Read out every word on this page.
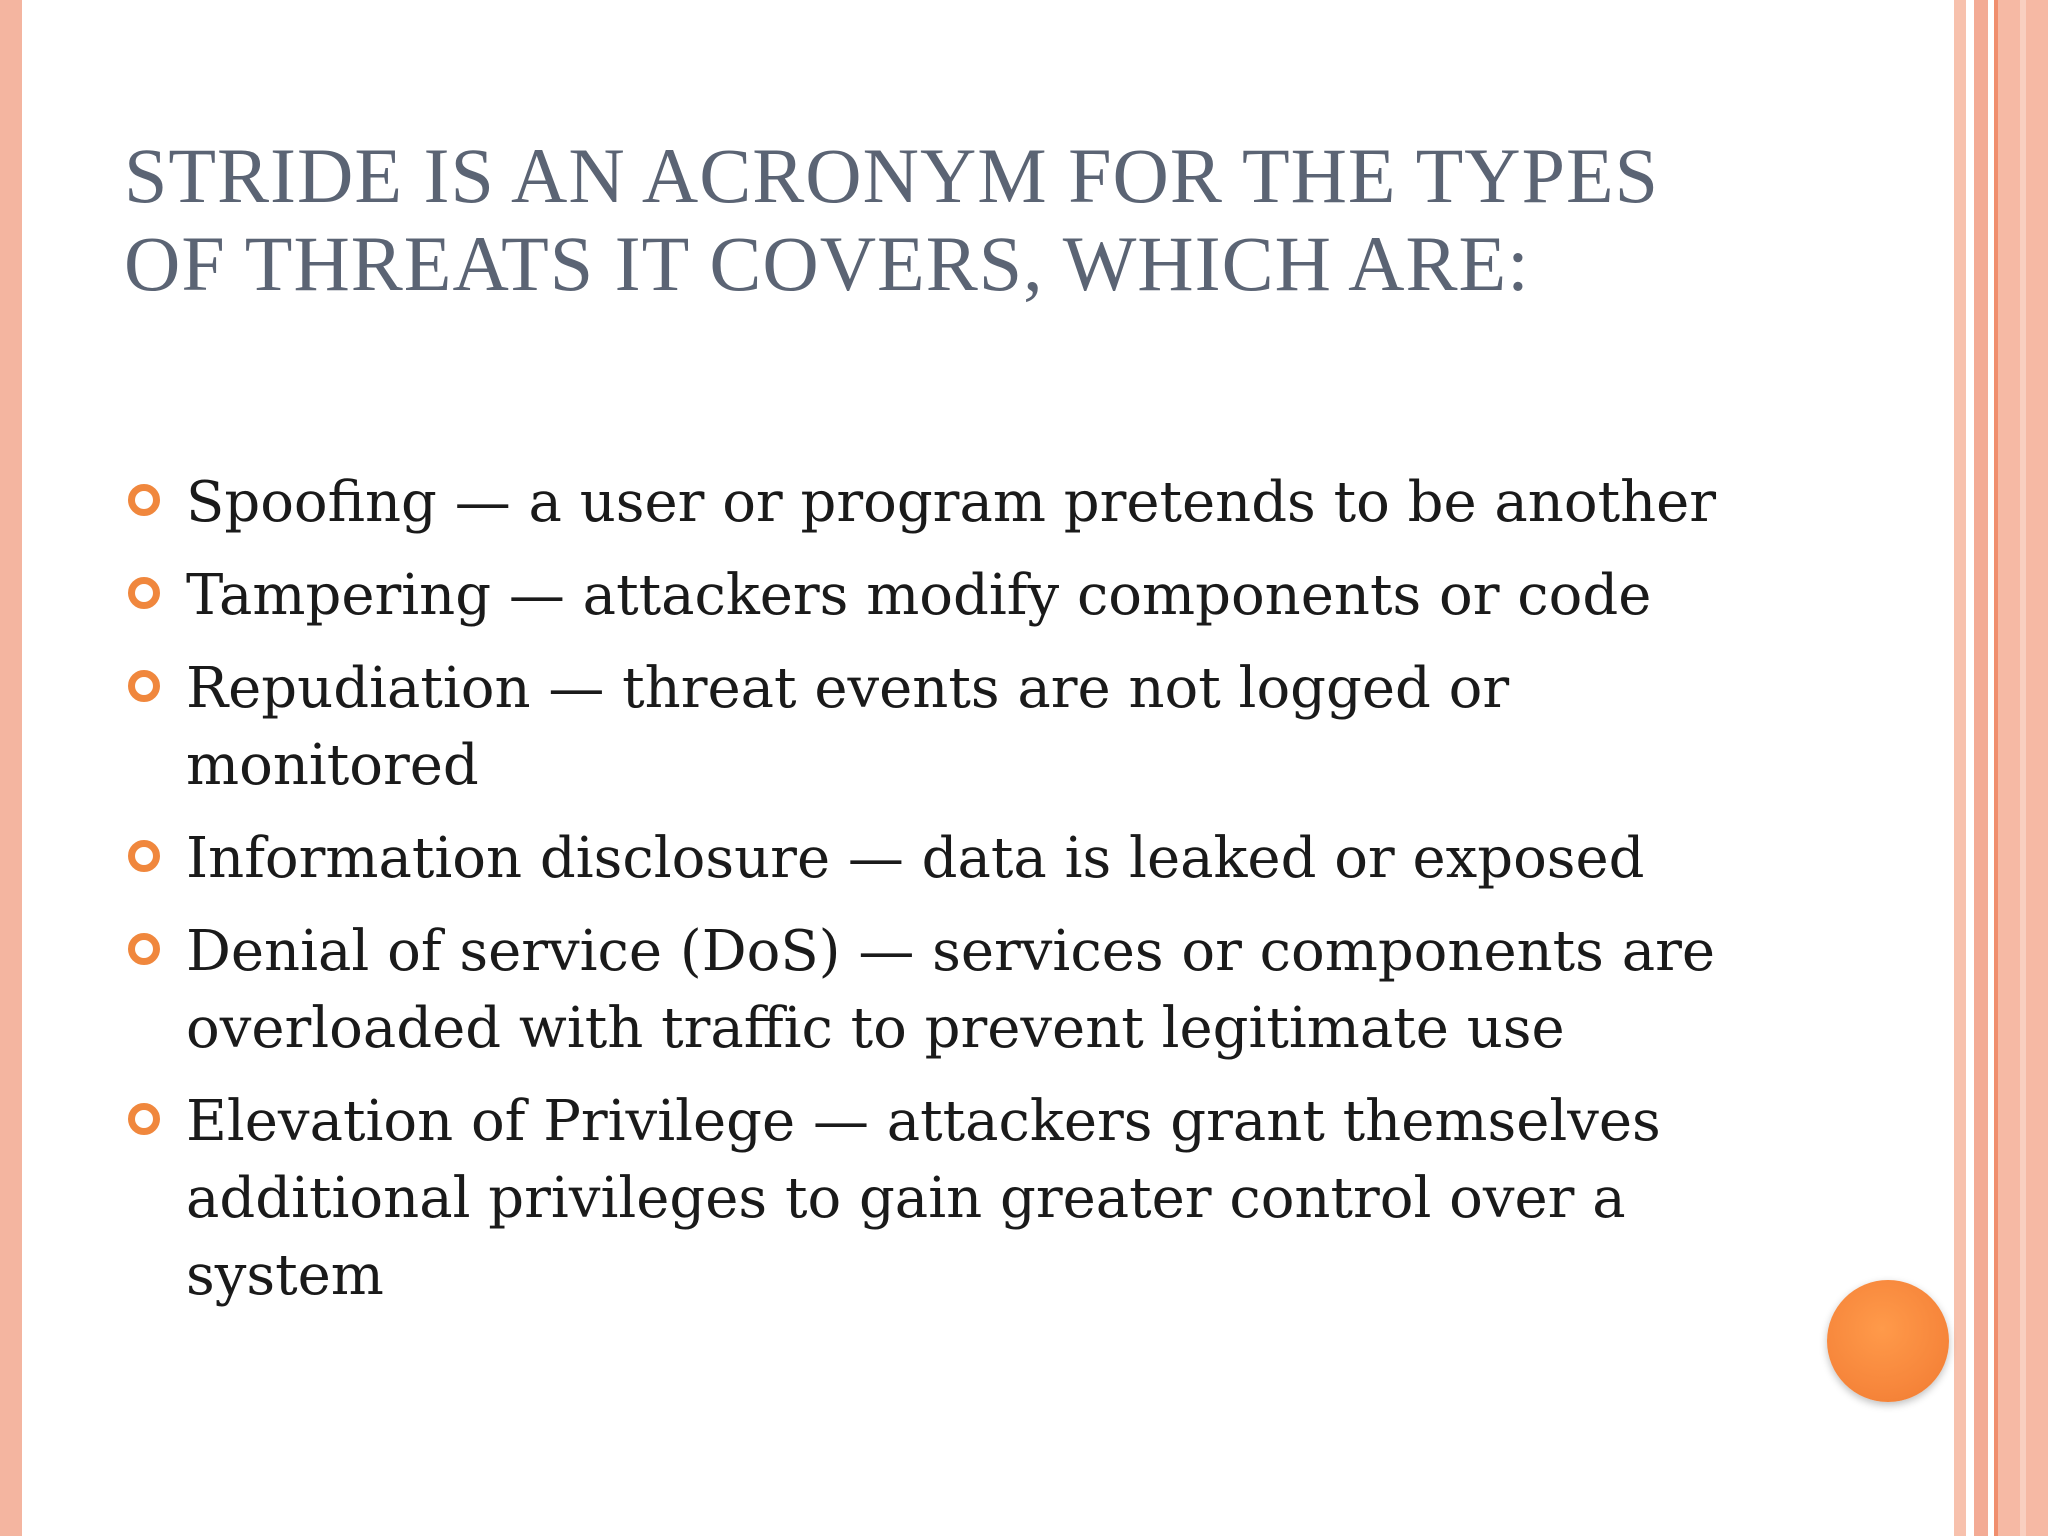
STRIDE IS AN ACRONYM FOR THE TYPES OF THREATS IT COVERS, WHICH ARE:
Spoofing — a user or program pretends to be another
Tampering — attackers modify components or code
Repudiation — threat events are not logged or monitored
Information disclosure — data is leaked or exposed
Denial of service (DoS) — services or components are overloaded with traffic to prevent legitimate use
Elevation of Privilege — attackers grant themselves additional privileges to gain greater control over a system
